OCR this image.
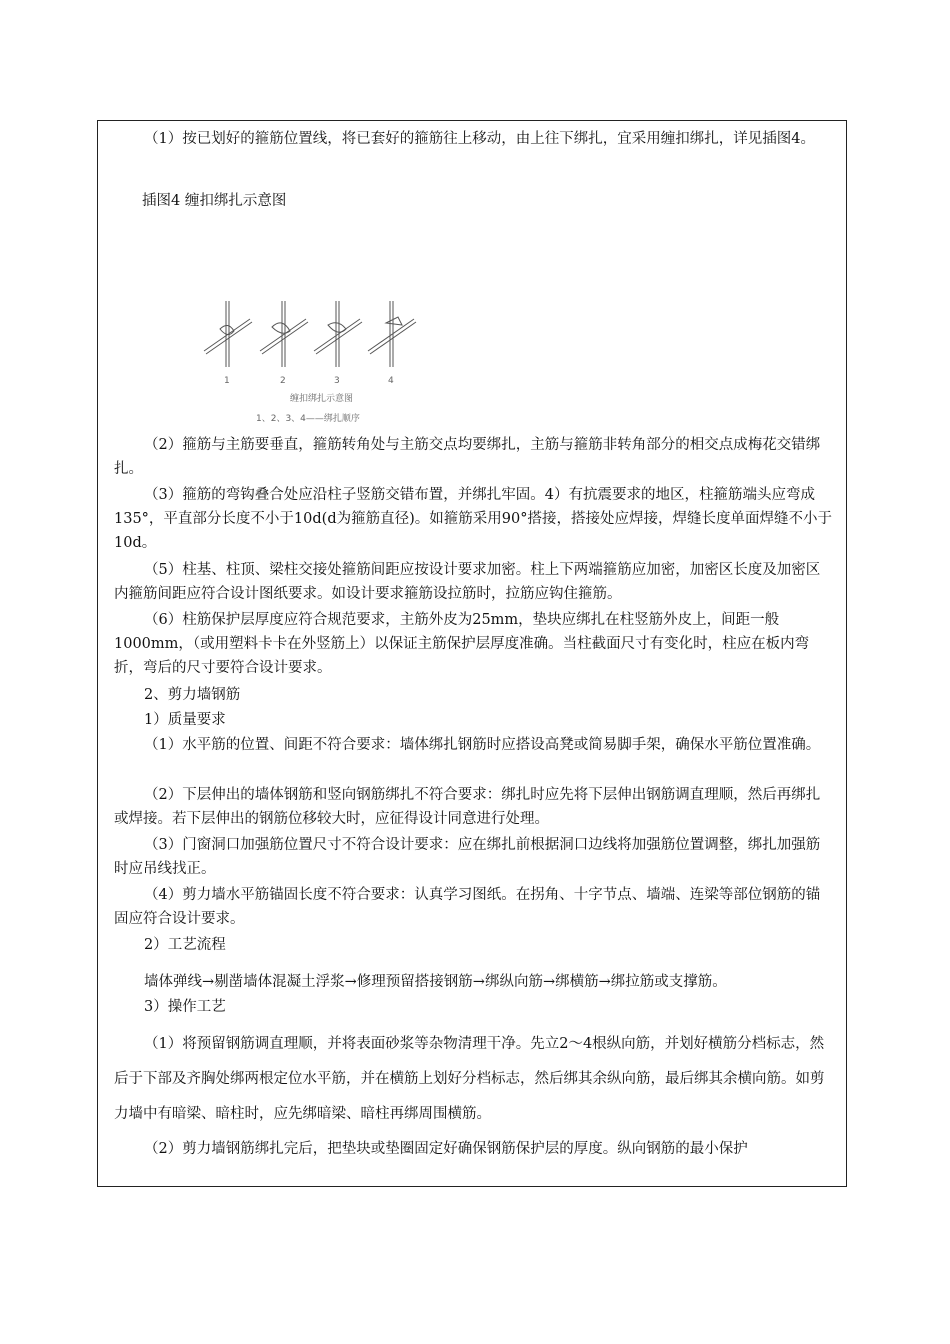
（1）按已划好的箍筋位置线，将已套好的箍筋往上移动，由上往下绑扎，宜采用缠扣绑扎，详见插图4。

插图4 缠扣绑扎示意图

1	2	3	4
缠扣绑扎示意图
1、2、3、4——绑扎顺序

（2）箍筋与主筋要垂直，箍筋转角处与主筋交点均要绑扎，主筋与箍筋非转角部分的相交点成梅花交错绑扎。

（3）箍筋的弯钩叠合处应沿柱子竖筋交错布置，并绑扎牢固。4）有抗震要求的地区，柱箍筋端头应弯成135°，平直部分长度不小于10d(d为箍筋直径)。如箍筋采用90°搭接，搭接处应焊接，焊缝长度单面焊缝不小于10d。

（5）柱基、柱顶、梁柱交接处箍筋间距应按设计要求加密。柱上下两端箍筋应加密，加密区长度及加密区内箍筋间距应符合设计图纸要求。如设计要求箍筋设拉筋时，拉筋应钩住箍筋。

（6）柱筋保护层厚度应符合规范要求，主筋外皮为25mm，垫块应绑扎在柱竖筋外皮上，间距一般1000mm，（或用塑料卡卡在外竖筋上）以保证主筋保护层厚度准确。当柱截面尺寸有变化时，柱应在板内弯折，弯后的尺寸要符合设计要求。

2、剪力墙钢筋

1）质量要求

（1）水平筋的位置、间距不符合要求：墙体绑扎钢筋时应搭设高凳或简易脚手架，确保水平筋位置准确。

（2）下层伸出的墙体钢筋和竖向钢筋绑扎不符合要求：绑扎时应先将下层伸出钢筋调直理顺，然后再绑扎或焊接。若下层伸出的钢筋位移较大时，应征得设计同意进行处理。

（3）门窗洞口加强筋位置尺寸不符合设计要求：应在绑扎前根据洞口边线将加强筋位置调整，绑扎加强筋时应吊线找正。

（4）剪力墙水平筋锚固长度不符合要求：认真学习图纸。在拐角、十字节点、墙端、连梁等部位钢筋的锚固应符合设计要求。

2）工艺流程

墙体弹线→剔凿墙体混凝土浮浆→修理预留搭接钢筋→绑纵向筋→绑横筋→绑拉筋或支撑筋。

3）操作工艺

（1）将预留钢筋调直理顺，并将表面砂浆等杂物清理干净。先立2～4根纵向筋，并划好横筋分档标志，然后于下部及齐胸处绑两根定位水平筋，并在横筋上划好分档标志，然后绑其余纵向筋，最后绑其余横向筋。如剪力墙中有暗梁、暗柱时，应先绑暗梁、暗柱再绑周围横筋。

（2）剪力墙钢筋绑扎完后，把垫块或垫圈固定好确保钢筋保护层的厚度。纵向钢筋的最小保护
